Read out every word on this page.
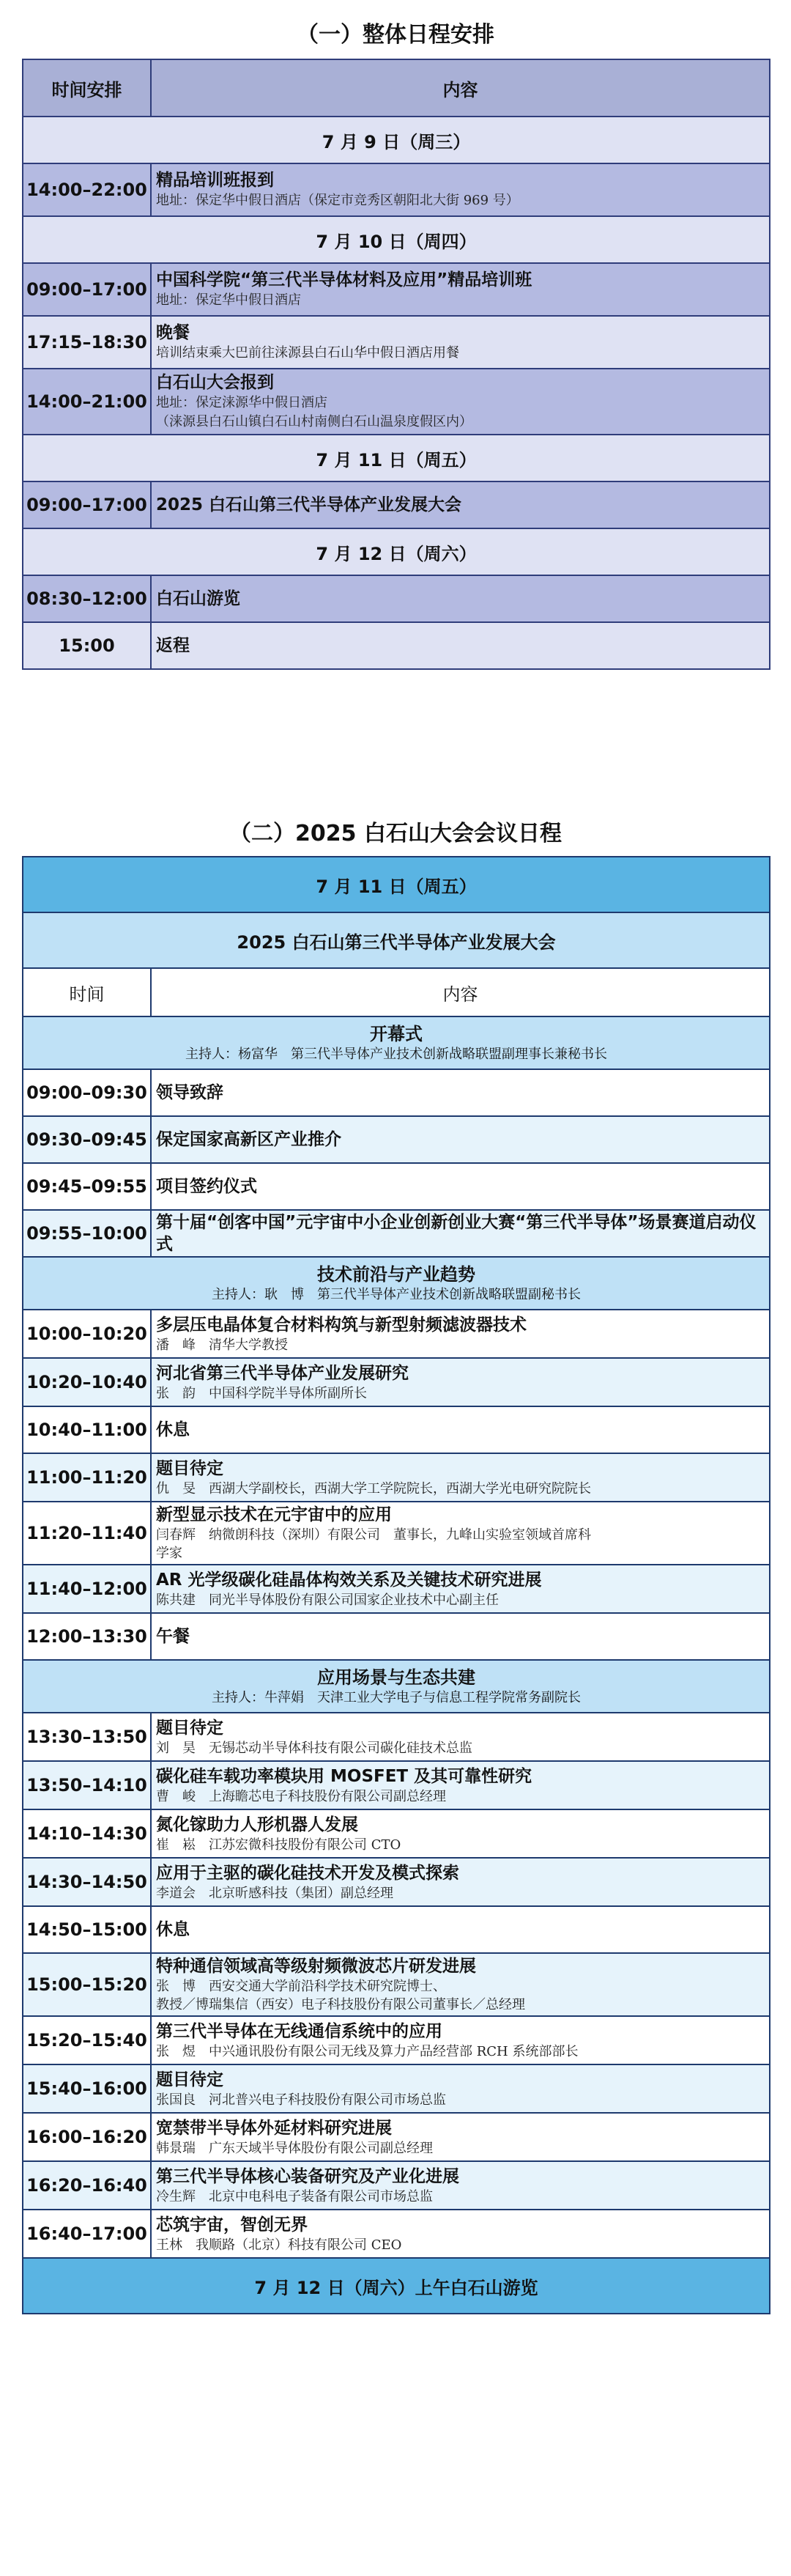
（一）整体日程安排
时间安排	内容
7 月 9 日（周三）	
14:00–22:00	精品培训班报到
地址：保定华中假日酒店（保定市竞秀区朝阳北大街 969 号）

7 月 10 日（周四）	
09:00–17:00	中国科学院“第三代半导体材料及应用”精品培训班
地址：保定华中假日酒店

17:15–18:30	晚餐
培训结束乘大巴前往涞源县白石山华中假日酒店用餐

14:00–21:00	白石山大会报到
地址：保定涞源华中假日酒店
（涞源县白石山镇白石山村南侧白石山温泉度假区内）

7 月 11 日（周五）	
09:00–17:00	2025 白石山第三代半导体产业发展大会

7 月 12 日（周六）	
08:30–12:00	白石山游览

15:00	返程
（二）2025 白石山大会会议日程
7 月 11 日（周五）	
2025 白石山第三代半导体产业发展大会	
时间	内容

开幕式
主持人：杨富华　第三代半导体产业技术创新战略联盟副理事长兼秘书长	

09:00–09:30	领导致辞

09:30–09:45	保定国家高新区产业推介

09:45–09:55	项目签约仪式

09:55–10:00	第十届“创客中国”元宇宙中小企业创新创业大赛“第三代半导体”场景赛道启动仪式

技术前沿与产业趋势
主持人：耿　博　第三代半导体产业技术创新战略联盟副秘书长	

10:00–10:20	多层压电晶体复合材料构筑与新型射频滤波器技术
潘　峰　清华大学教授

10:20–10:40	河北省第三代半导体产业发展研究
张　韵　中国科学院半导体所副所长

10:40–11:00	休息

11:00–11:20	题目待定
仇　旻　西湖大学副校长，西湖大学工学院院长，西湖大学光电研究院院长

11:20–11:40	新型显示技术在元宇宙中的应用
闫春辉　纳微朗科技（深圳）有限公司　董事长，九峰山实验室领域首席科
学家

11:40–12:00	AR 光学级碳化硅晶体构效关系及关键技术研究进展
陈共建　同光半导体股份有限公司国家企业技术中心副主任

12:00–13:30	午餐

应用场景与生态共建
主持人：牛萍娟　天津工业大学电子与信息工程学院常务副院长	

13:30–13:50	题目待定
刘　昊　无锡芯动半导体科技有限公司碳化硅技术总监

13:50–14:10	碳化硅车载功率模块用 MOSFET 及其可靠性研究
曹　峻　上海瞻芯电子科技股份有限公司副总经理

14:10–14:30	氮化镓助力人形机器人发展
崔　崧　江苏宏微科技股份有限公司 CTO

14:30–14:50	应用于主驱的碳化硅技术开发及模式探索
李道会　北京昕感科技（集团）副总经理

14:50–15:00	休息

15:00–15:20	特种通信领域高等级射频微波芯片研发进展
张　博　西安交通大学前沿科学技术研究院博士、
教授／博瑞集信（西安）电子科技股份有限公司董事长／总经理

15:20–15:40	第三代半导体在无线通信系统中的应用
张　煜　中兴通讯股份有限公司无线及算力产品经营部 RCH 系统部部长

15:40–16:00	题目待定
张国良　河北普兴电子科技股份有限公司市场总监

16:00–16:20	宽禁带半导体外延材料研究进展
韩景瑞　广东天域半导体股份有限公司副总经理

16:20–16:40	第三代半导体核心装备研究及产业化进展
冷生辉　北京中电科电子装备有限公司市场总监

16:40–17:00	芯筑宇宙，智创无界
王林　我顺路（北京）科技有限公司 CEO

7 月 12 日（周六）上午白石山游览	
